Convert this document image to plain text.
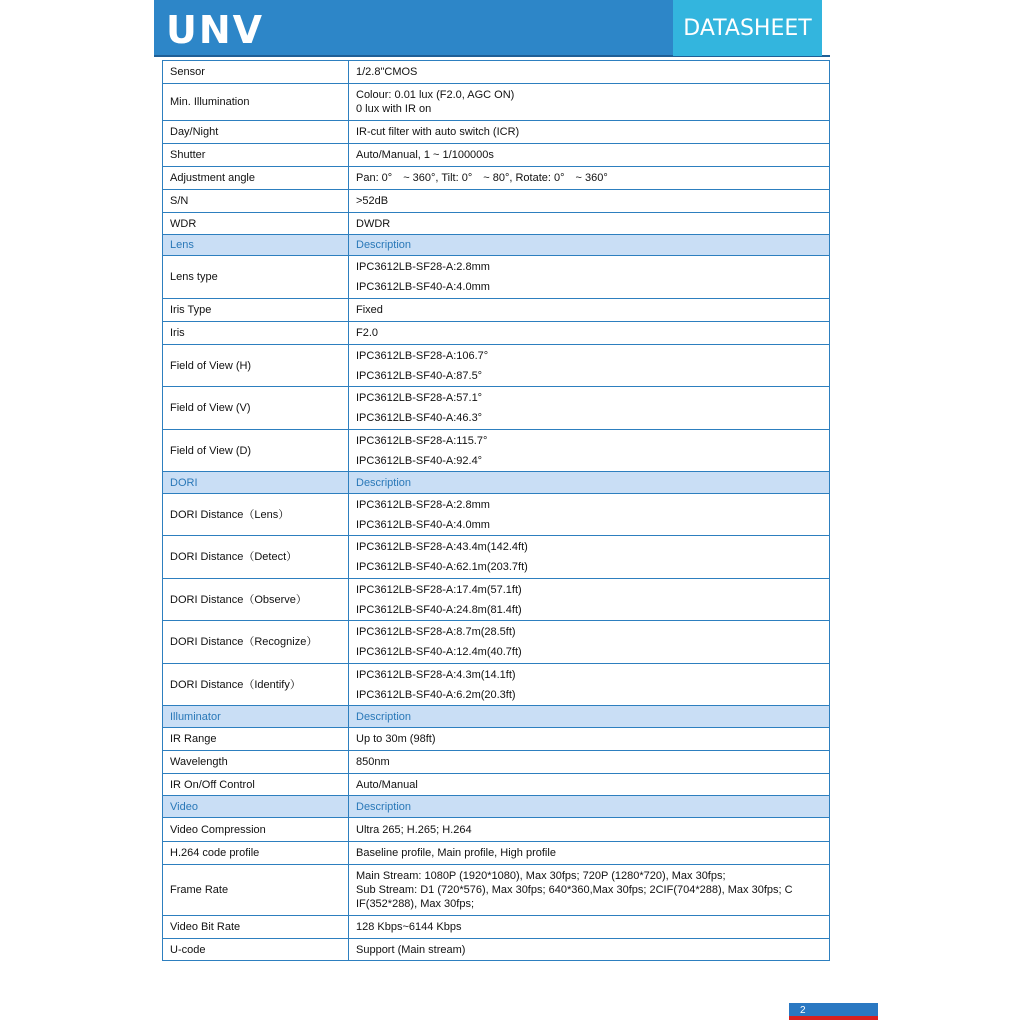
UNV	DATASHEET
Sensor	1/2.8"CMOS

Min. Illumination	Colour: 0.01 lux (F2.0, AGC ON)
0 lux with IR on

Day/Night	IR-cut filter with auto switch (ICR)

Shutter	Auto/Manual, 1 ~ 1/100000s

Adjustment angle	Pan: 0°　~ 360°, Tilt: 0°　~ 80°, Rotate: 0°　~ 360°

S/N	>52dB

WDR	DWDR

Lens	Description

Lens type	IPC3612LB-SF28-A:2.8mm
IPC3612LB-SF40-A:4.0mm

Iris Type	Fixed

Iris	F2.0

Field of View (H)	IPC3612LB-SF28-A:106.7°
IPC3612LB-SF40-A:87.5°

Field of View (V)	IPC3612LB-SF28-A:57.1°
IPC3612LB-SF40-A:46.3°

Field of View (D)	IPC3612LB-SF28-A:115.7°
IPC3612LB-SF40-A:92.4°

DORI	Description

DORI Distance（Lens）	IPC3612LB-SF28-A:2.8mm
IPC3612LB-SF40-A:4.0mm

DORI Distance（Detect）	IPC3612LB-SF28-A:43.4m(142.4ft)
IPC3612LB-SF40-A:62.1m(203.7ft)

DORI Distance（Observe）	IPC3612LB-SF28-A:17.4m(57.1ft)
IPC3612LB-SF40-A:24.8m(81.4ft)

DORI Distance（Recognize）	IPC3612LB-SF28-A:8.7m(28.5ft)
IPC3612LB-SF40-A:12.4m(40.7ft)

DORI Distance（Identify）	IPC3612LB-SF28-A:4.3m(14.1ft)
IPC3612LB-SF40-A:6.2m(20.3ft)

Illuminator	Description

IR Range	Up to 30m (98ft)

Wavelength	850nm

IR On/Off Control	Auto/Manual

Video	Description

Video Compression	Ultra 265; H.265; H.264

H.264 code profile	Baseline profile, Main profile, High profile

Frame Rate	Main Stream: 1080P (1920*1080), Max 30fps; 720P (1280*720), Max 30fps;
Sub Stream: D1 (720*576), Max 30fps; 640*360,Max 30fps; 2CIF(704*288), Max 30fps; C
IF(352*288), Max 30fps;

Video Bit Rate	128 Kbps~6144 Kbps

U-code	Support (Main stream)
2
